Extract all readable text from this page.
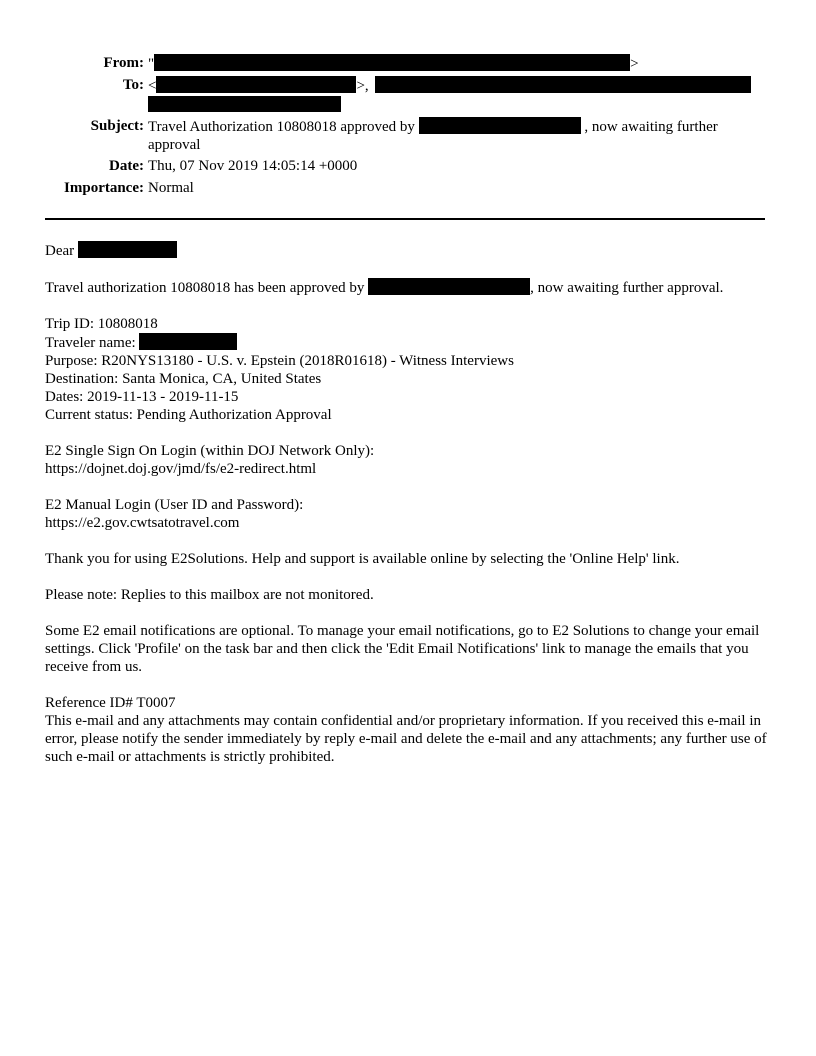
From: "	>
To: <	>,
Subject: Travel Authorization 10808018 approved by	, now awaiting further approval
Date: Thu, 07 Nov 2019 14:05:14 +0000
Importance: Normal

Dear

Travel authorization 10808018 has been approved by	, now awaiting further approval.

Trip ID: 10808018
Traveler name:
Purpose: R20NYS13180 - U.S. v. Epstein (2018R01618) - Witness Interviews
Destination: Santa Monica, CA, United States
Dates: 2019-11-13 - 2019-11-15
Current status: Pending Authorization Approval

E2 Single Sign On Login (within DOJ Network Only):
https://dojnet.doj.gov/jmd/fs/e2-redirect.html

E2 Manual Login (User ID and Password):
https://e2.gov.cwtsatotravel.com

Thank you for using E2Solutions. Help and support is available online by selecting the 'Online Help' link.

Please note: Replies to this mailbox are not monitored.

Some E2 email notifications are optional. To manage your email notifications, go to E2 Solutions to change your email settings. Click 'Profile' on the task bar and then click the 'Edit Email Notifications' link to manage the emails that you receive from us.

Reference ID# T0007

This e-mail and any attachments may contain confidential and/or proprietary information. If you received this e-mail in error, please notify the sender immediately by reply e-mail and delete the e-mail and any attachments; any further use of such e-mail or attachments is strictly prohibited.
